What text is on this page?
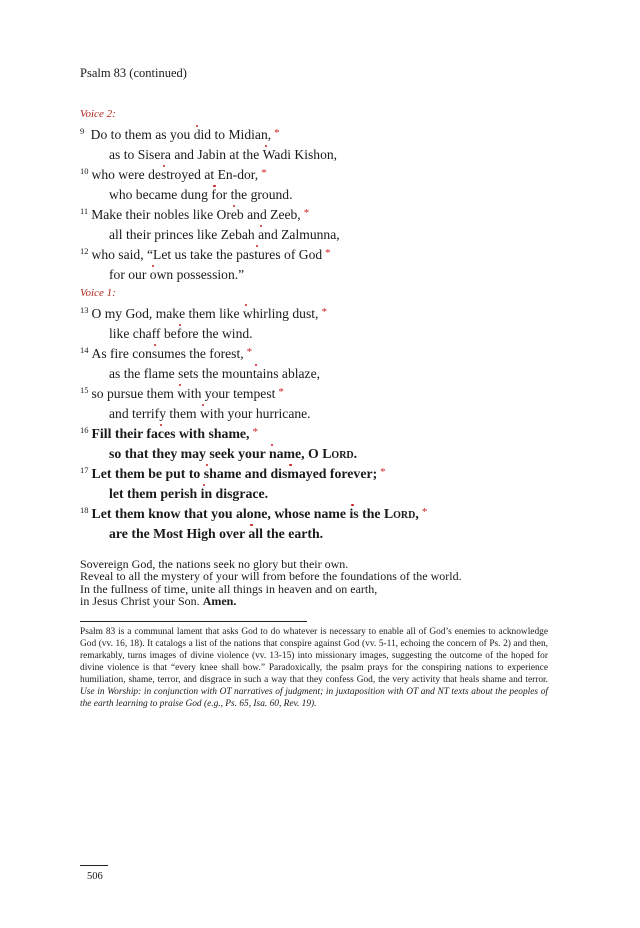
Psalm 83 (continued)
Voice 2:
$^9$ Do to them as you did to Midian, *
as to Sisera and Jabin at the Wadi Kishon,
$^{10}$ who were destroyed at En-dor, *
who became dung for the ground.
$^{11}$ Make their nobles like Oreb and Zeeb, *
all their princes like Zebah and Zalmunna,
$^{12}$ who said, “Let us take the pastures of God *
for our own possession.”
Voice 1:
$^{13}$ O my God, make them like whirling dust, *
like chaff before the wind.
$^{14}$ As fire consumes the forest, *
as the flame sets the mountains ablaze,
$^{15}$ so pursue them with your tempest *
and terrify them with your hurricane.
$^{16}$ Fill their faces with shame, *
so that they may seek your name, O Lord.
$^{17}$ Let them be put to shame and dismayed forever; *
let them perish in disgrace.
$^{18}$ Let them know that you alone, whose name is the Lord, *
are the Most High over all the earth.
Sovereign God, the nations seek no glory but their own.
Reveal to all the mystery of your will from before the foundations of the world.
In the fullness of time, unite all things in heaven and on earth,
in Jesus Christ your Son. Amen.
Psalm 83 is a communal lament that asks God to do whatever is necessary to enable all of God’s enemies to acknowledge God (vv. 16, 18). It catalogs a list of the nations that conspire against God (vv. 5-11, echoing the concern of Ps. 2) and then, remarkably, turns images of divine violence (vv. 13-15) into missionary images, suggesting the outcome of the hoped for divine violence is that “every knee shall bow.” Paradoxically, the psalm prays for the conspiring nations to experience humiliation, shame, terror, and disgrace in such a way that they confess God, the very activity that heals shame and terror. Use in Worship: in conjunction with OT narratives of judgment; in juxtaposition with OT and NT texts about the peoples of the earth learning to praise God (e.g., Ps. 65, Isa. 60, Rev. 19).
506
